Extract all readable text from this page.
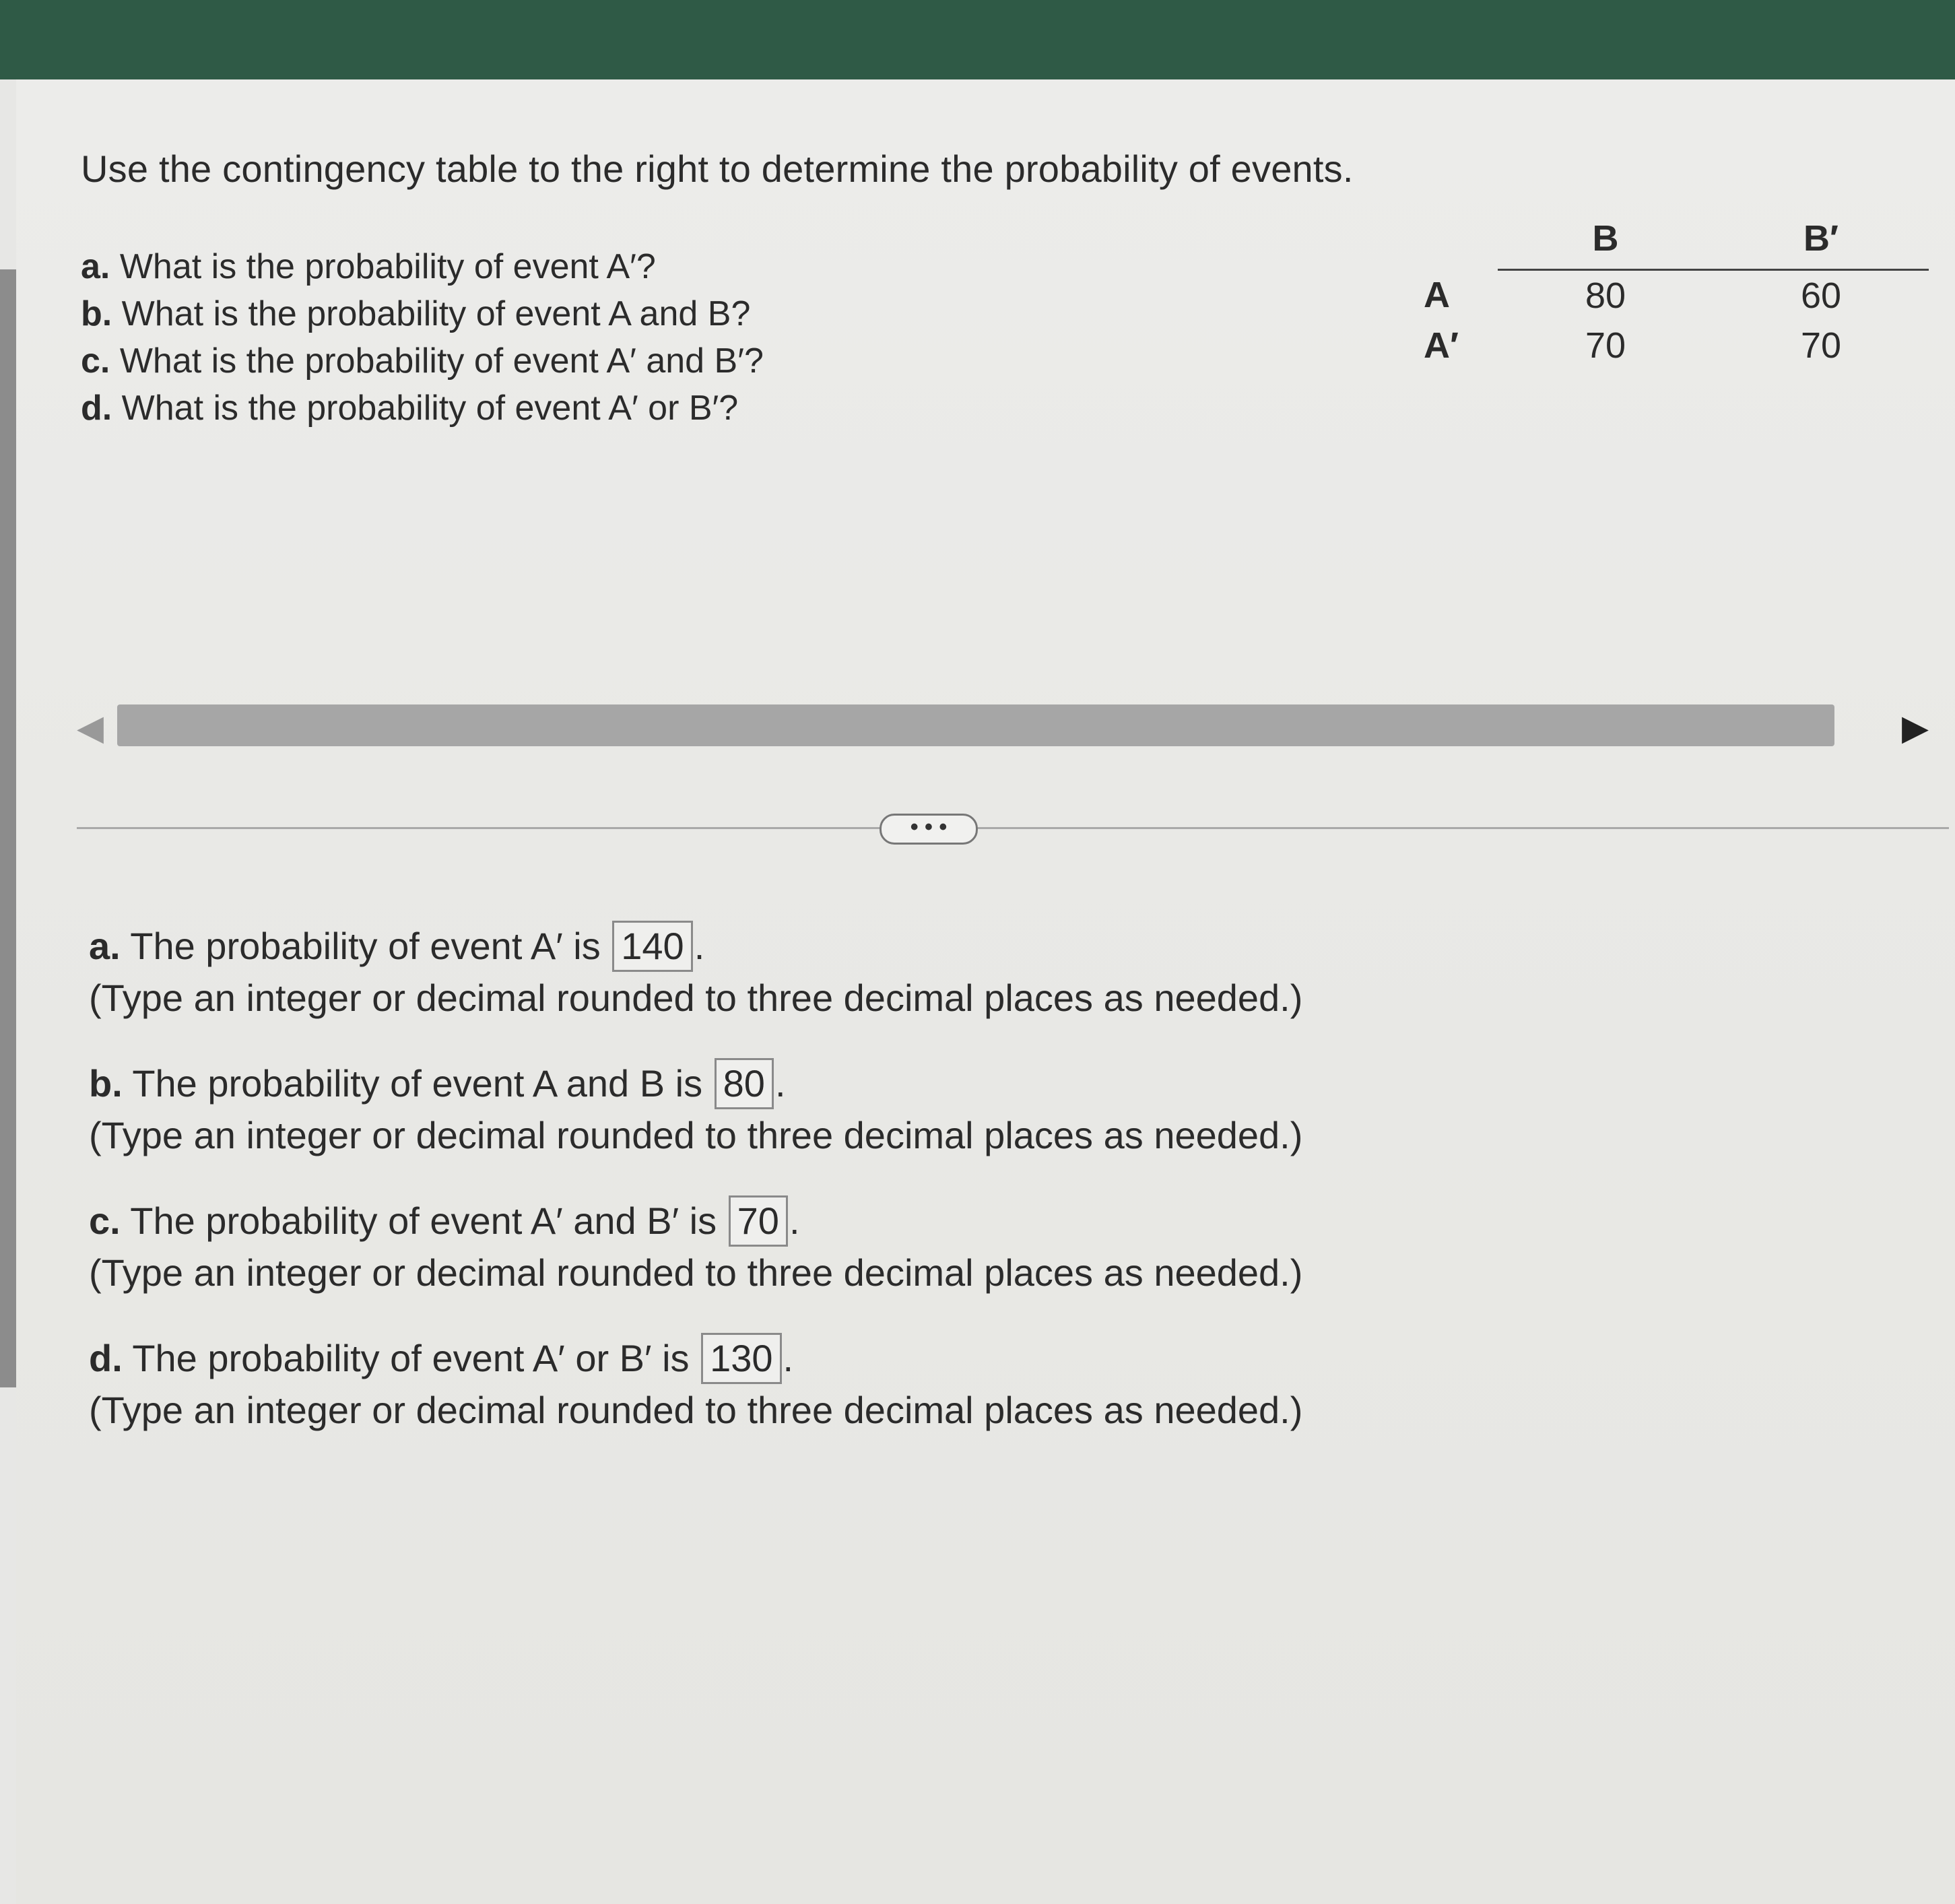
Use the contingency table to the right to determine the probability of events.
a. What is the probability of event A′?
b. What is the probability of event A and B?
c. What is the probability of event A′ and B′?
d. What is the probability of event A′ or B′?
	B	B′
A	80	60
A′	70	70
◀	▶
• • •
a. The probability of event A′ is 140 .
(Type an integer or decimal rounded to three decimal places as needed.)
b. The probability of event A and B is 80 .
(Type an integer or decimal rounded to three decimal places as needed.)
c. The probability of event A′ and B′ is 70 .
(Type an integer or decimal rounded to three decimal places as needed.)
d. The probability of event A′ or B′ is 130 .
(Type an integer or decimal rounded to three decimal places as needed.)
